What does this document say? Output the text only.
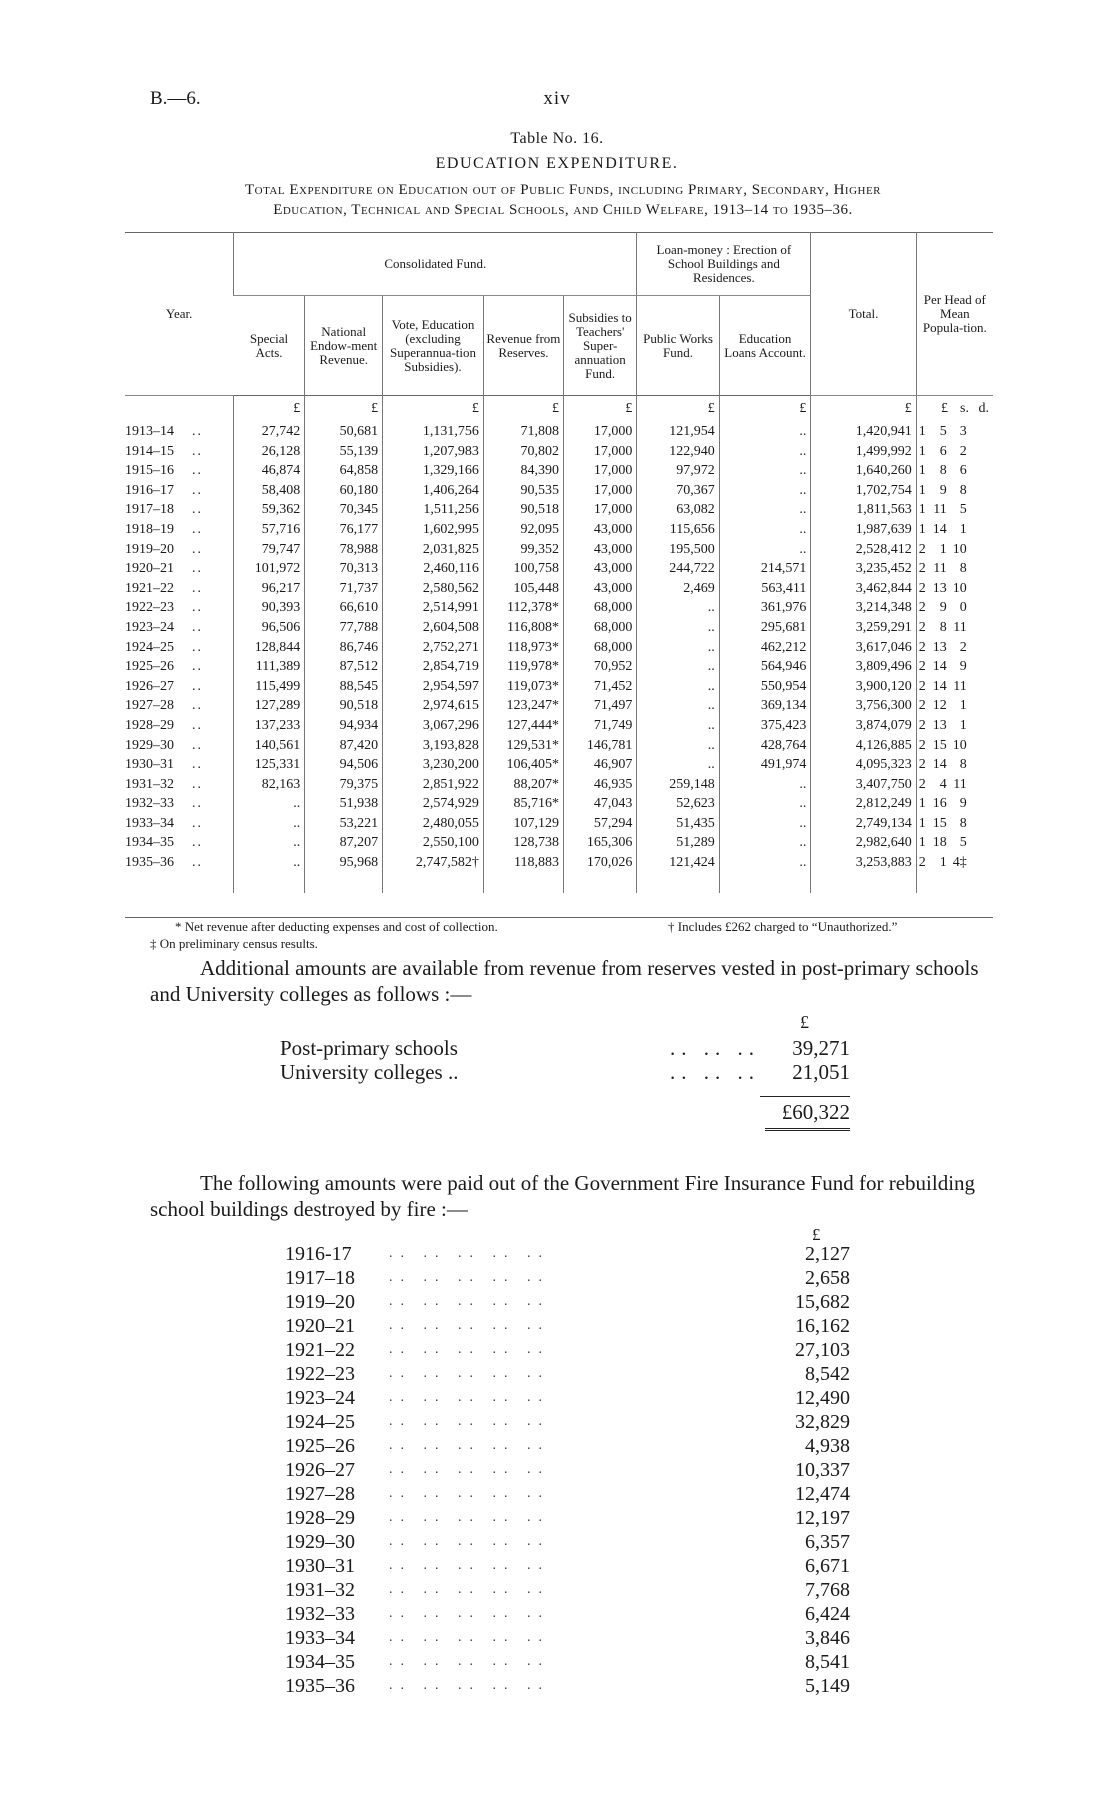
B.—6.	xiv
Table No. 16.
EDUCATION EXPENDITURE.
Total Expenditure on Education out of Public Funds, including Primary, Secondary, Higher
Education, Technical and Special Schools, and Child Welfare, 1913–14 to 1935–36.
Year.	Consolidated Fund.					Loan-money : Erection of School Buildings and Residences.		Total.	Per Head of Mean Popula-tion.
	Special Acts.	National Endow-ment Revenue.	Vote, Education (excluding Superannua-tion Subsidies).	Revenue from Reserves.	Subsidies to Teachers' Super-annuation Fund.	Public Works Fund.	Education Loans Account.		
	£	£	£	£	£	£	£	£	£ s. d.
1913–14 ..	27,742	50,681	1,131,756	71,808	17,000	121,954	..	1,420,941	1 5 3
1914–15 ..	26,128	55,139	1,207,983	70,802	17,000	122,940	..	1,499,992	1 6 2
1915–16 ..	46,874	64,858	1,329,166	84,390	17,000	97,972	..	1,640,260	1 8 6
1916–17 ..	58,408	60,180	1,406,264	90,535	17,000	70,367	..	1,702,754	1 9 8
1917–18 ..	59,362	70,345	1,511,256	90,518	17,000	63,082	..	1,811,563	1 11 5
1918–19 ..	57,716	76,177	1,602,995	92,095	43,000	115,656	..	1,987,639	1 14 1
1919–20 ..	79,747	78,988	2,031,825	99,352	43,000	195,500	..	2,528,412	2 1 10
1920–21 ..	101,972	70,313	2,460,116	100,758	43,000	244,722	214,571	3,235,452	2 11 8
1921–22 ..	96,217	71,737	2,580,562	105,448	43,000	2,469	563,411	3,462,844	2 13 10
1922–23 ..	90,393	66,610	2,514,991	112,378*	68,000	..	361,976	3,214,348	2 9 0
1923–24 ..	96,506	77,788	2,604,508	116,808*	68,000	..	295,681	3,259,291	2 8 11
1924–25 ..	128,844	86,746	2,752,271	118,973*	68,000	..	462,212	3,617,046	2 13 2
1925–26 ..	111,389	87,512	2,854,719	119,978*	70,952	..	564,946	3,809,496	2 14 9
1926–27 ..	115,499	88,545	2,954,597	119,073*	71,452	..	550,954	3,900,120	2 14 11
1927–28 ..	127,289	90,518	2,974,615	123,247*	71,497	..	369,134	3,756,300	2 12 1
1928–29 ..	137,233	94,934	3,067,296	127,444*	71,749	..	375,423	3,874,079	2 13 1
1929–30 ..	140,561	87,420	3,193,828	129,531*	146,781	..	428,764	4,126,885	2 15 10
1930–31 ..	125,331	94,506	3,230,200	106,405*	46,907	..	491,974	4,095,323	2 14 8
1931–32 ..	82,163	79,375	2,851,922	88,207*	46,935	259,148	..	3,407,750	2 4 11
1932–33 ..	..	51,938	2,574,929	85,716*	47,043	52,623	..	2,812,249	1 16 9
1933–34 ..	..	53,221	2,480,055	107,129	57,294	51,435	..	2,749,134	1 15 8
1934–35 ..	..	87,207	2,550,100	128,738	165,306	51,289	..	2,982,640	1 18 5
1935–36 ..	..	95,968	2,747,582†	118,883	170,026	121,424	..	3,253,883	2 1 4‡
* Net revenue after deducting expenses and cost of collection.	† Includes £262 charged to “Unauthorized.”
‡ On preliminary census results.
Additional amounts are available from revenue from reserves vested in post-primary schools and University colleges as follows :—
£
Post-primary schools	.. .. ..	39,271
University colleges ..	.. .. ..	21,051
£60,322
The following amounts were paid out of the Government Fire Insurance Fund for rebuilding school buildings destroyed by fire :—
£
1916-17	.. .. .. .. ..	2,127
1917–18	.. .. .. .. ..	2,658
1919–20	.. .. .. .. ..	15,682
1920–21	.. .. .. .. ..	16,162
1921–22	.. .. .. .. ..	27,103
1922–23	.. .. .. .. ..	8,542
1923–24	.. .. .. .. ..	12,490
1924–25	.. .. .. .. ..	32,829
1925–26	.. .. .. .. ..	4,938
1926–27	.. .. .. .. ..	10,337
1927–28	.. .. .. .. ..	12,474
1928–29	.. .. .. .. ..	12,197
1929–30	.. .. .. .. ..	6,357
1930–31	.. .. .. .. ..	6,671
1931–32	.. .. .. .. ..	7,768
1932–33	.. .. .. .. ..	6,424
1933–34	.. .. .. .. ..	3,846
1934–35	.. .. .. .. ..	8,541
1935–36	.. .. .. .. ..	5,149
